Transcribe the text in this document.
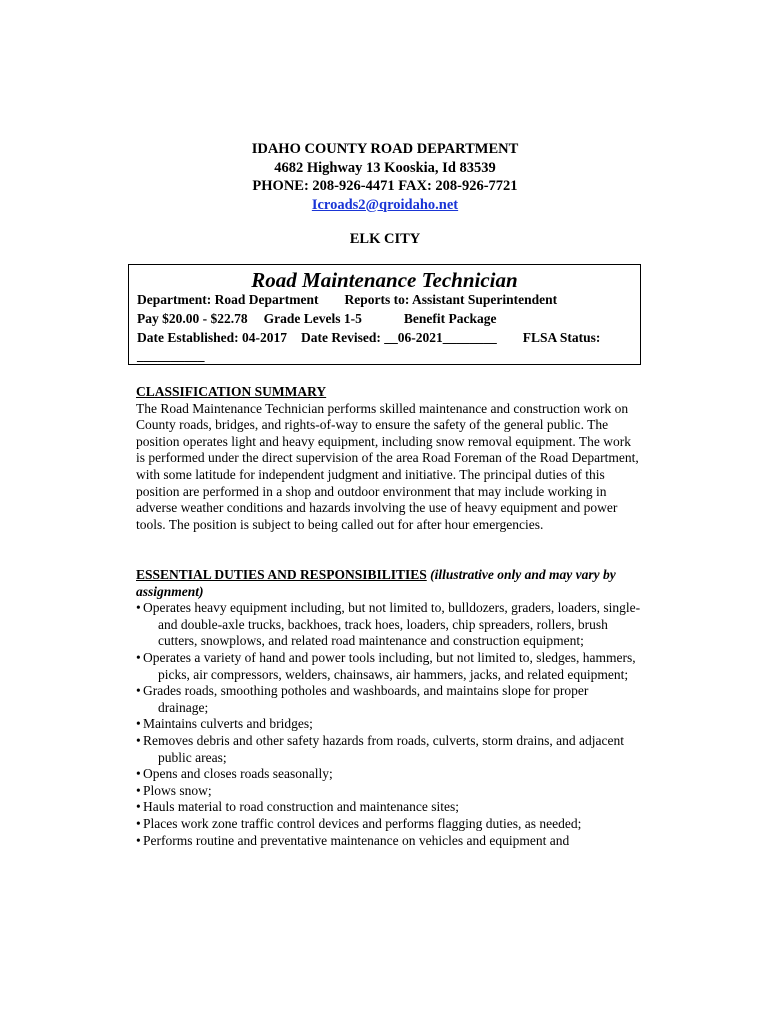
IDAHO COUNTY ROAD DEPARTMENT
4682 Highway 13 Kooskia, Id 83539
PHONE: 208-926-4471 FAX: 208-926-7721
Icroads2@qroidaho.net
ELK CITY
Road Maintenance Technician
Department: Road Department Reports to: Assistant Superintendent
Pay $20.00 - $22.78 Grade Levels 1-5	Benefit Package
Date Established: 04-2017 Date Revised: __06-2021________ FLSA Status:
__________
CLASSIFICATION SUMMARY
The Road Maintenance Technician performs skilled maintenance and construction work on County roads, bridges, and rights-of-way to ensure the safety of the general public. The position operates light and heavy equipment, including snow removal equipment. The work is performed under the direct supervision of the area Road Foreman of the Road Department, with some latitude for independent judgment and initiative. The principal duties of this position are performed in a shop and outdoor environment that may include working in adverse weather conditions and hazards involving the use of heavy equipment and power tools. The position is subject to being called out for after hour emergencies.
ESSENTIAL DUTIES AND RESPONSIBILITIES (illustrative only and may vary by assignment)
• Operates heavy equipment including, but not limited to, bulldozers, graders, loaders, single- and double-axle trucks, backhoes, track hoes, loaders, chip spreaders, rollers, brush cutters, snowplows, and related road maintenance and construction equipment;
• Operates a variety of hand and power tools including, but not limited to, sledges, hammers, picks, air compressors, welders, chainsaws, air hammers, jacks, and related equipment;
• Grades roads, smoothing potholes and washboards, and maintains slope for proper drainage;
• Maintains culverts and bridges;
• Removes debris and other safety hazards from roads, culverts, storm drains, and adjacent public areas;
• Opens and closes roads seasonally;
• Plows snow;
• Hauls material to road construction and maintenance sites;
• Places work zone traffic control devices and performs flagging duties, as needed;
• Performs routine and preventative maintenance on vehicles and equipment and
